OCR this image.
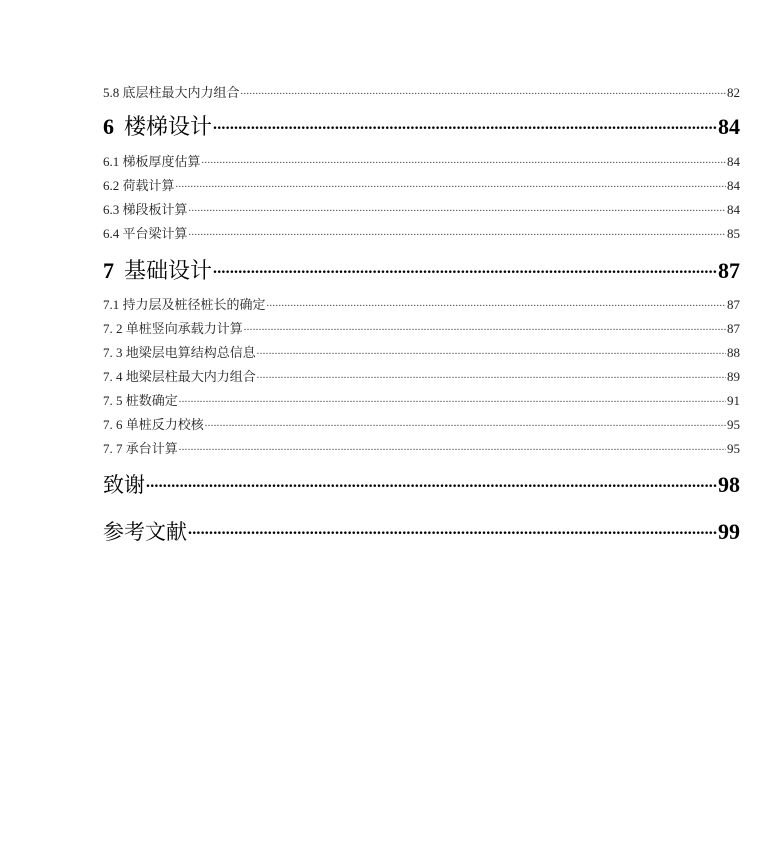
5.8 底层柱最大内力组合 .....	82
6 楼梯设计 .....	84
6.1 梯板厚度估算 .....	84
6.2 荷载计算 .....	84
6.3 梯段板计算 .....	84
6.4 平台梁计算 .....	85
7 基础设计 .....	87
7.1 持力层及桩径桩长的确定 .....	87
7. 2 单桩竖向承载力计算 .....	87
7. 3 地梁层电算结构总信息 .....	88
7. 4 地梁层柱最大内力组合 .....	89
7. 5 桩数确定 .....	91
7. 6 单桩反力校核 .....	95
7. 7 承台计算 .....	95
致谢 .....	98
参考文献 .....	99
